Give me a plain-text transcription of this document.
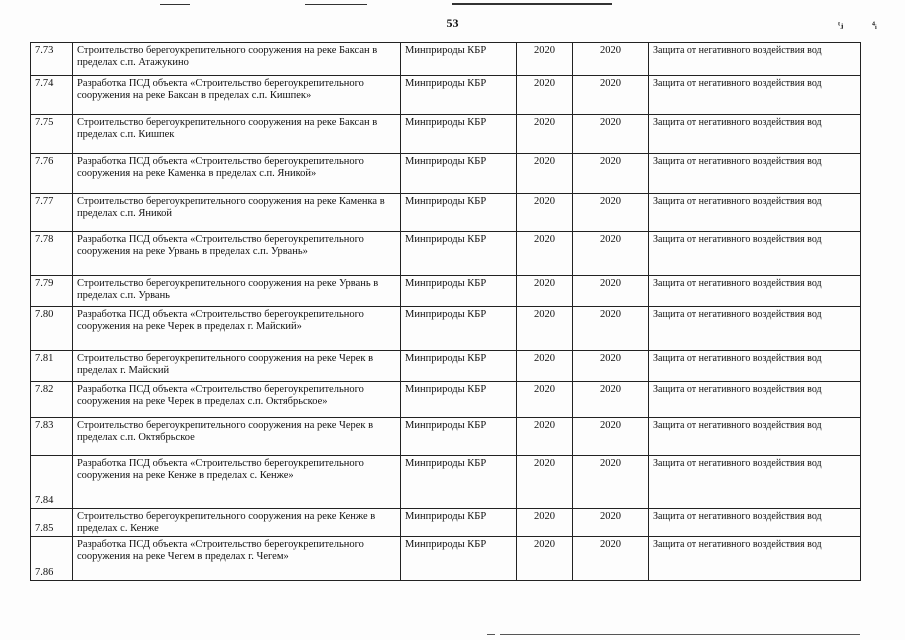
53	ᵗⱼ	⁴ᵢ
7.73	Строительство берегоукрепительного сооружения на реке Баксан в пределах с.п. Атажукино	Минприроды КБР	2020	2020	Защита от негативного воздействия вод
7.74	Разработка ПСД объекта «Строительство берегоукрепительного сооружения на реке Баксан в пределах с.п. Кишпек»	Минприроды КБР	2020	2020	Защита от негативного воздействия вод
7.75	Строительство берегоукрепительного сооружения на реке Баксан в пределах с.п. Кишпек	Минприроды КБР	2020	2020	Защита от негативного воздействия вод
7.76	Разработка ПСД объекта «Строительство берегоукрепительного сооружения на реке Каменка в пределах с.п. Яникой»	Минприроды КБР	2020	2020	Защита от негативного воздействия вод
7.77	Строительство берегоукрепительного сооружения на реке Каменка в пределах с.п. Яникой	Минприроды КБР	2020	2020	Защита от негативного воздействия вод
7.78	Разработка ПСД объекта «Строительство берегоукрепительного сооружения на реке Урвань в пределах с.п. Урвань»	Минприроды КБР	2020	2020	Защита от негативного воздействия вод
7.79	Строительство берегоукрепительного сооружения на реке Урвань в пределах с.п. Урвань	Минприроды КБР	2020	2020	Защита от негативного воздействия вод
7.80	Разработка ПСД объекта «Строительство берегоукрепительного сооружения на реке Черек в пределах г. Майский»	Минприроды КБР	2020	2020	Защита от негативного воздействия вод
7.81	Строительство берегоукрепительного сооружения на реке Черек в пределах г. Майский	Минприроды КБР	2020	2020	Защита от негативного воздействия вод
7.82	Разработка ПСД объекта «Строительство берегоукрепительного сооружения на реке Черек в пределах с.п. Октябрьское»	Минприроды КБР	2020	2020	Защита от негативного воздействия вод
7.83	Строительство берегоукрепительного сооружения на реке Черек в пределах с.п. Октябрьское	Минприроды КБР	2020	2020	Защита от негативного воздействия вод
7.84	Разработка ПСД объекта «Строительство берегоукрепительного сооружения на реке Кенже в пределах с. Кенже»	Минприроды КБР	2020	2020	Защита от негативного воздействия вод
7.85	Строительство берегоукрепительного сооружения на реке Кенже в пределах с. Кенже	Минприроды КБР	2020	2020	Защита от негативного воздействия вод
7.86	Разработка ПСД объекта «Строительство берегоукрепительного сооружения на реке Чегем в пределах г. Чегем»	Минприроды КБР	2020	2020	Защита от негативного воздействия вод
